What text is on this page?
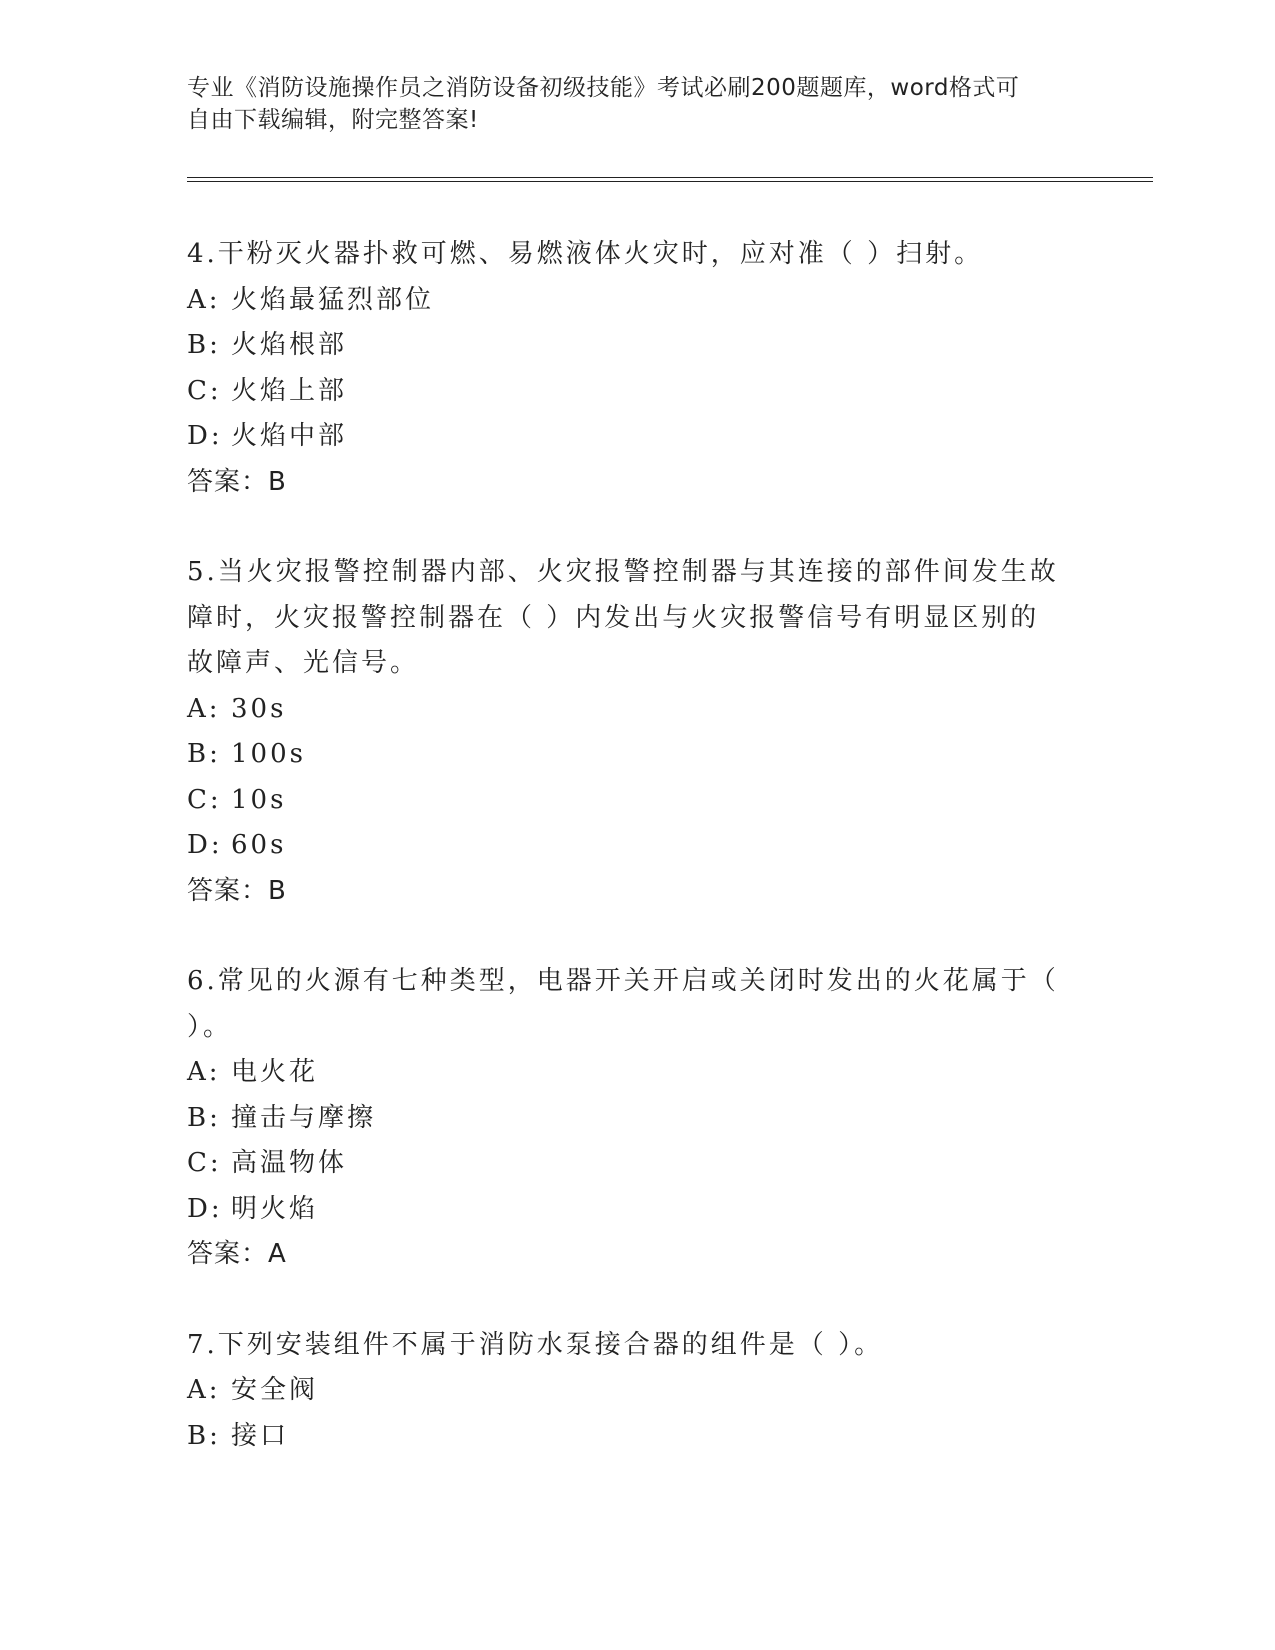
专业《消防设施操作员之消防设备初级技能》考试必刷200题题库，word格式可
自由下载编辑，附完整答案!
4.干粉灭火器扑救可燃、易燃液体火灾时，应对准（ ）扫射。
A: 火焰最猛烈部位
B: 火焰根部
C: 火焰上部
D: 火焰中部
答案：B
5.当火灾报警控制器内部、火灾报警控制器与其连接的部件间发生故
障时，火灾报警控制器在（ ）内发出与火灾报警信号有明显区别的
故障声、光信号。
A: 30s
B: 100s
C: 10s
D: 60s
答案：B
6.常见的火源有七种类型，电器开关开启或关闭时发出的火花属于（
）。
A: 电火花
B: 撞击与摩擦
C: 高温物体
D: 明火焰
答案：A
7.下列安装组件不属于消防水泵接合器的组件是（ ）。
A: 安全阀
B: 接口
